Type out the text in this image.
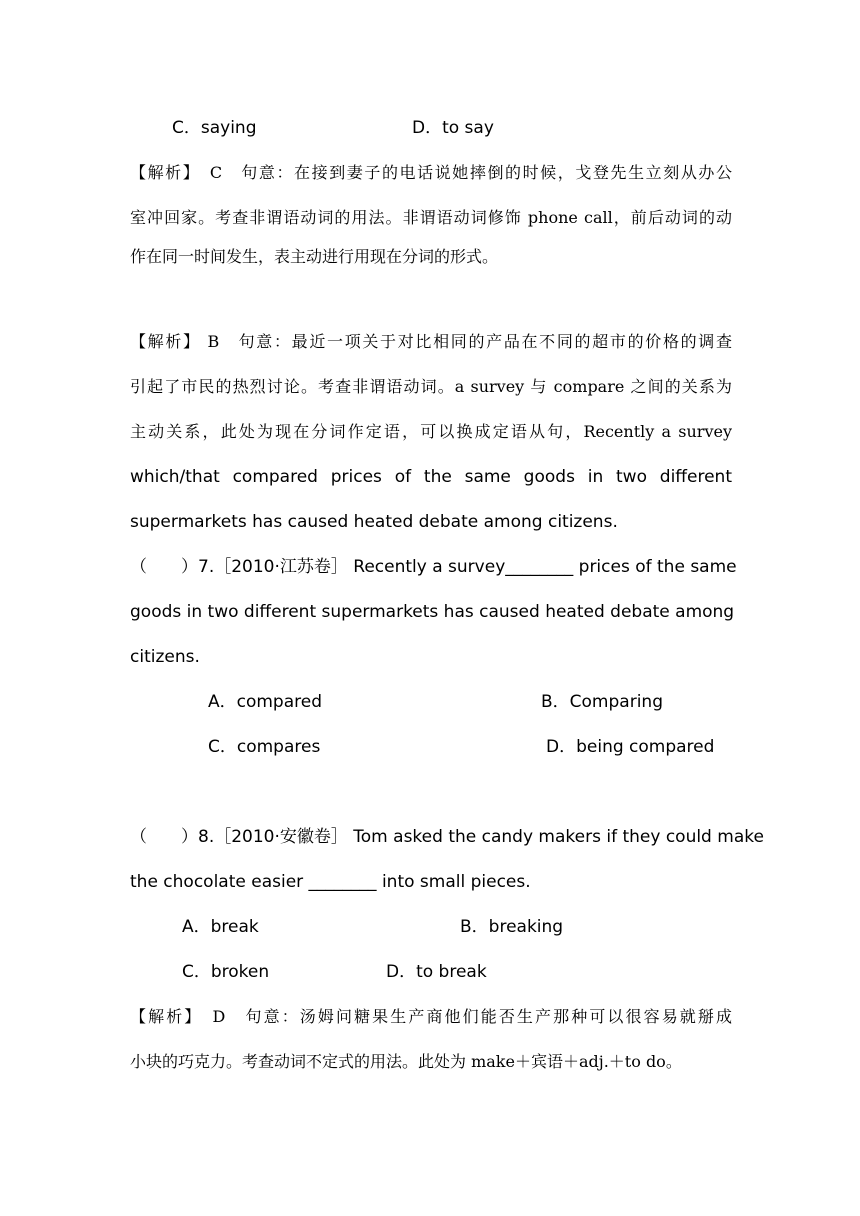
C．saying	D．to say
【解析】　C　句意：在接到妻子的电话说她摔倒的时候，戈登先生立刻从办公
室冲回家。考查非谓语动词的用法。非谓语动词修饰 phone call，前后动词的动
作在同一时间发生，表主动进行用现在分词的形式。
【解析】 B　句意：最近一项关于对比相同的产品在不同的超市的价格的调查
引起了市民的热烈讨论。考查非谓语动词。a survey 与 compare 之间的关系为
主动关系，此处为现在分词作定语，可以换成定语从句，Recently a survey
which/that compared prices of the same goods in two different
supermarkets has caused heated debate among citizens.
（　　）7.［2010·江苏卷］ Recently a survey________ prices of the same
goods in two different supermarkets has caused heated debate among
citizens.
A．compared	B．Comparing
C．compares	D．being compared
（　　）8.［2010·安徽卷］ Tom asked the candy makers if they could make
the chocolate easier ________ into small pieces.
A．break	B．breaking
C．broken	D．to break
【解析】　D　句意：汤姆问糖果生产商他们能否生产那种可以很容易就掰成
小块的巧克力。考查动词不定式的用法。此处为 make＋宾语＋adj.＋to do。
